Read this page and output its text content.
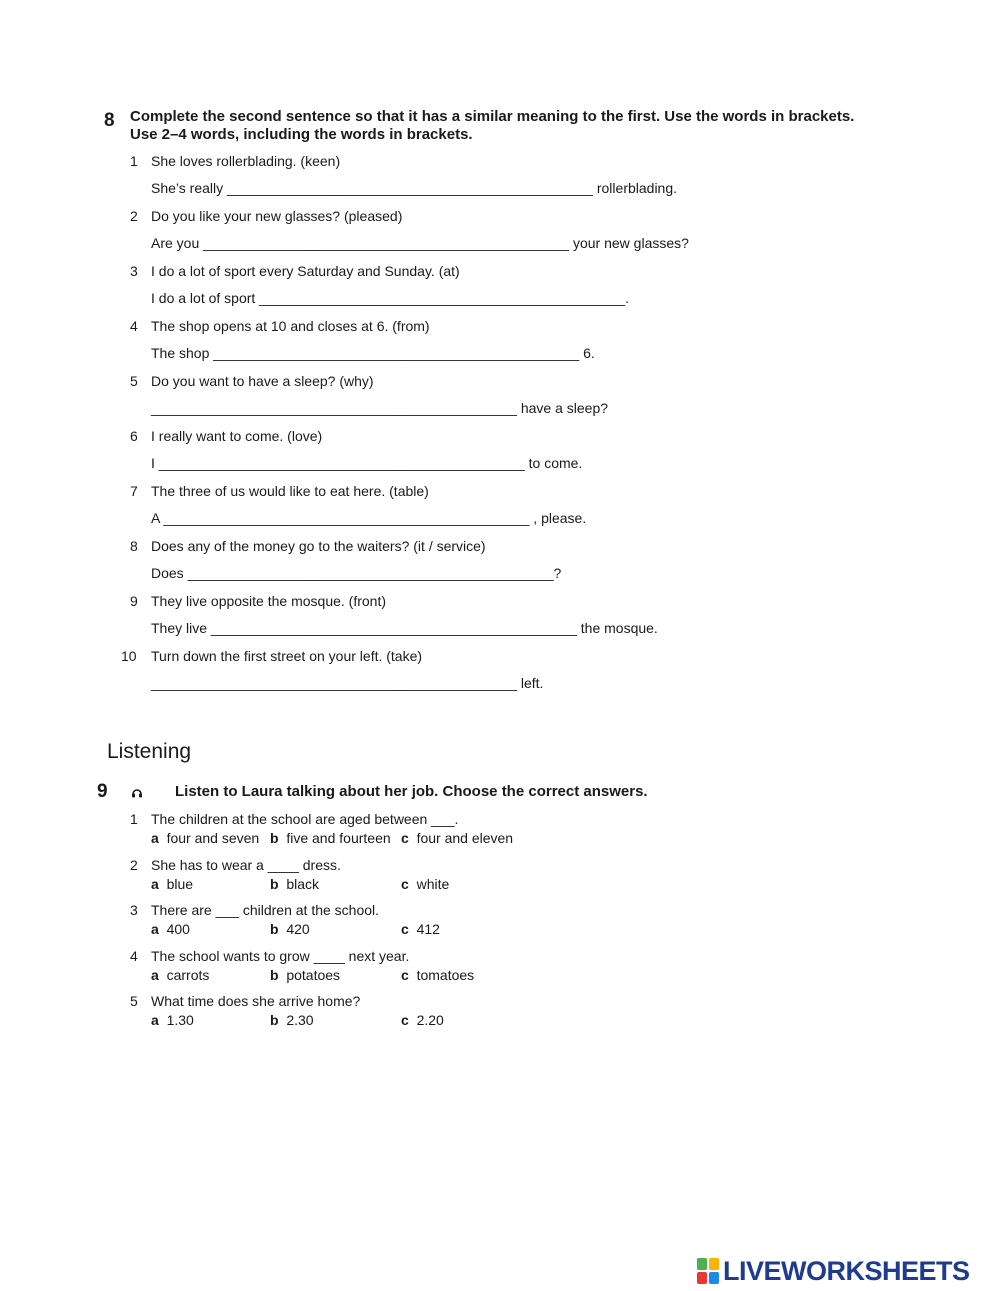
8 Complete the second sentence so that it has a similar meaning to the first. Use the words in brackets.
Use 2–4 words, including the words in brackets.
1 She loves rollerblading. (keen)
She’s really _______________________________________________ rollerblading.
2 Do you like your new glasses? (pleased)
Are you _______________________________________________ your new glasses?
3 I do a lot of sport every Saturday and Sunday. (at)
I do a lot of sport _______________________________________________.
4 The shop opens at 10 and closes at 6. (from)
The shop _______________________________________________ 6.
5 Do you want to have a sleep? (why)
_______________________________________________ have a sleep?
6 I really want to come. (love)
I _______________________________________________ to come.
7 The three of us would like to eat here. (table)
A _______________________________________________ , please.
8 Does any of the money go to the waiters? (it / service)
Does _______________________________________________?
9 They live opposite the mosque. (front)
They live _______________________________________________ the mosque.
10 Turn down the first street on your left. (take)
_______________________________________________ left.
Listening
9	Listen to Laura talking about her job. Choose the correct answers.
1 The children at the school are aged between ___.
a four and seven b five and fourteen c four and eleven
2 She has to wear a ____ dress.
a blue	b black	c white
3 There are ___ children at the school.
a 400	b 420	c 412
4 The school wants to grow ____ next year.
a carrots	b potatoes	c tomatoes
5 What time does she arrive home?
a 1.30	b 2.30	c 2.20
LIVEWORKSHEETS
